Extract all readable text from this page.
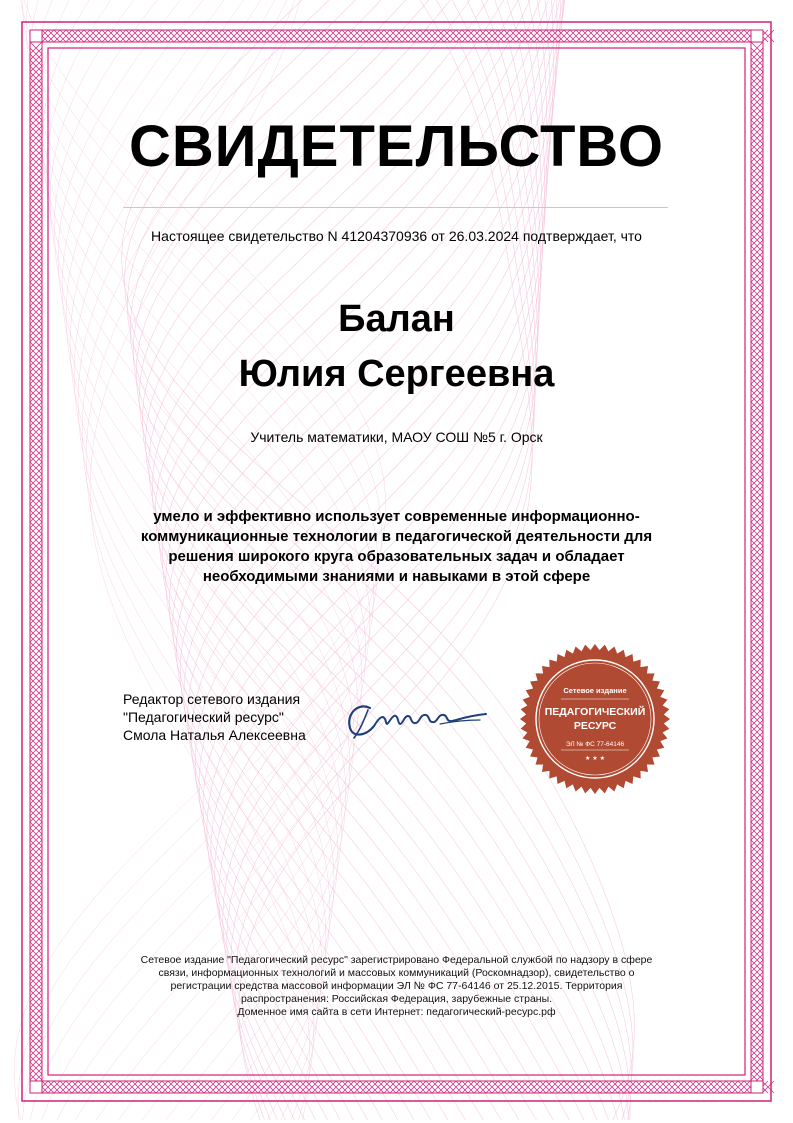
СВИДЕТЕЛЬСТВО
Настоящее свидетельство N 41204370936 от 26.03.2024 подтверждает, что
Балан
Юлия Сергеевна
Учитель математики, МАОУ СОШ №5 г. Орск
умело и эффективно использует современные информационно-коммуникационные технологии в педагогической деятельности для решения широкого круга образовательных задач и обладает необходимыми знаниями и навыками в этой сфере
Редактор сетевого издания
"Педагогический ресурс"
Смола Наталья Алексеевна
Сетевое издание
ПЕДАГОГИЧЕСКИЙ
РЕСУРС
ЭЛ № ФС 77-64146
★ ★ ★
Сетевое издание "Педагогический ресурс" зарегистрировано Федеральной службой по надзору в сфере
связи, информационных технологий и массовых коммуникаций (Роскомнадзор), свидетельство о
регистрации средства массовой информации ЭЛ № ФС 77-64146 от 25.12.2015. Территория
распространения: Российская Федерация, зарубежные страны.
Доменное имя сайта в сети Интернет: педагогический-ресурс.рф
